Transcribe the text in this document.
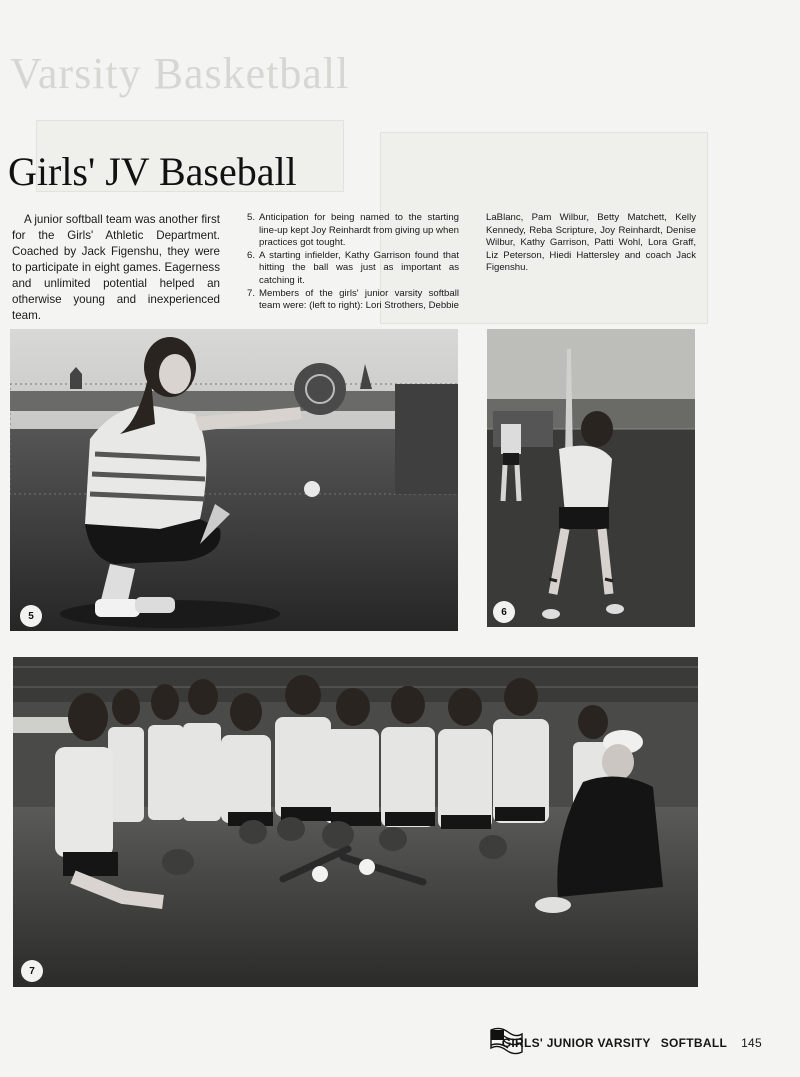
Varsity Basketball
Girls' JV Baseball
A junior softball team was another first for the Girls' Athletic Department. Coached by Jack Figenshu, they were to participate in eight games. Eagerness and unlimited potential helped an otherwise young and inexperienced team.

5. Anticipation for being named to the starting line-up kept Joy Reinhardt from giving up when practices got tought.

6. A starting infielder, Kathy Garrison found that hitting the ball was just as important as catching it.

7. Members of the girls' junior varsity softball team were: (left to right): Lori Strothers, Debbie

LaBlanc, Pam Wilbur, Betty Matchett, Kelly Kennedy, Reba Scripture, Joy Reinhardt, Denise Wilbur, Kathy Garrison, Patti Wohl, Lora Graff, Liz Peterson, Hiedi Hattersley and coach Jack Figenshu.

5	6
7
GIRLS' JUNIOR VARSITY SOFTBALL 145
